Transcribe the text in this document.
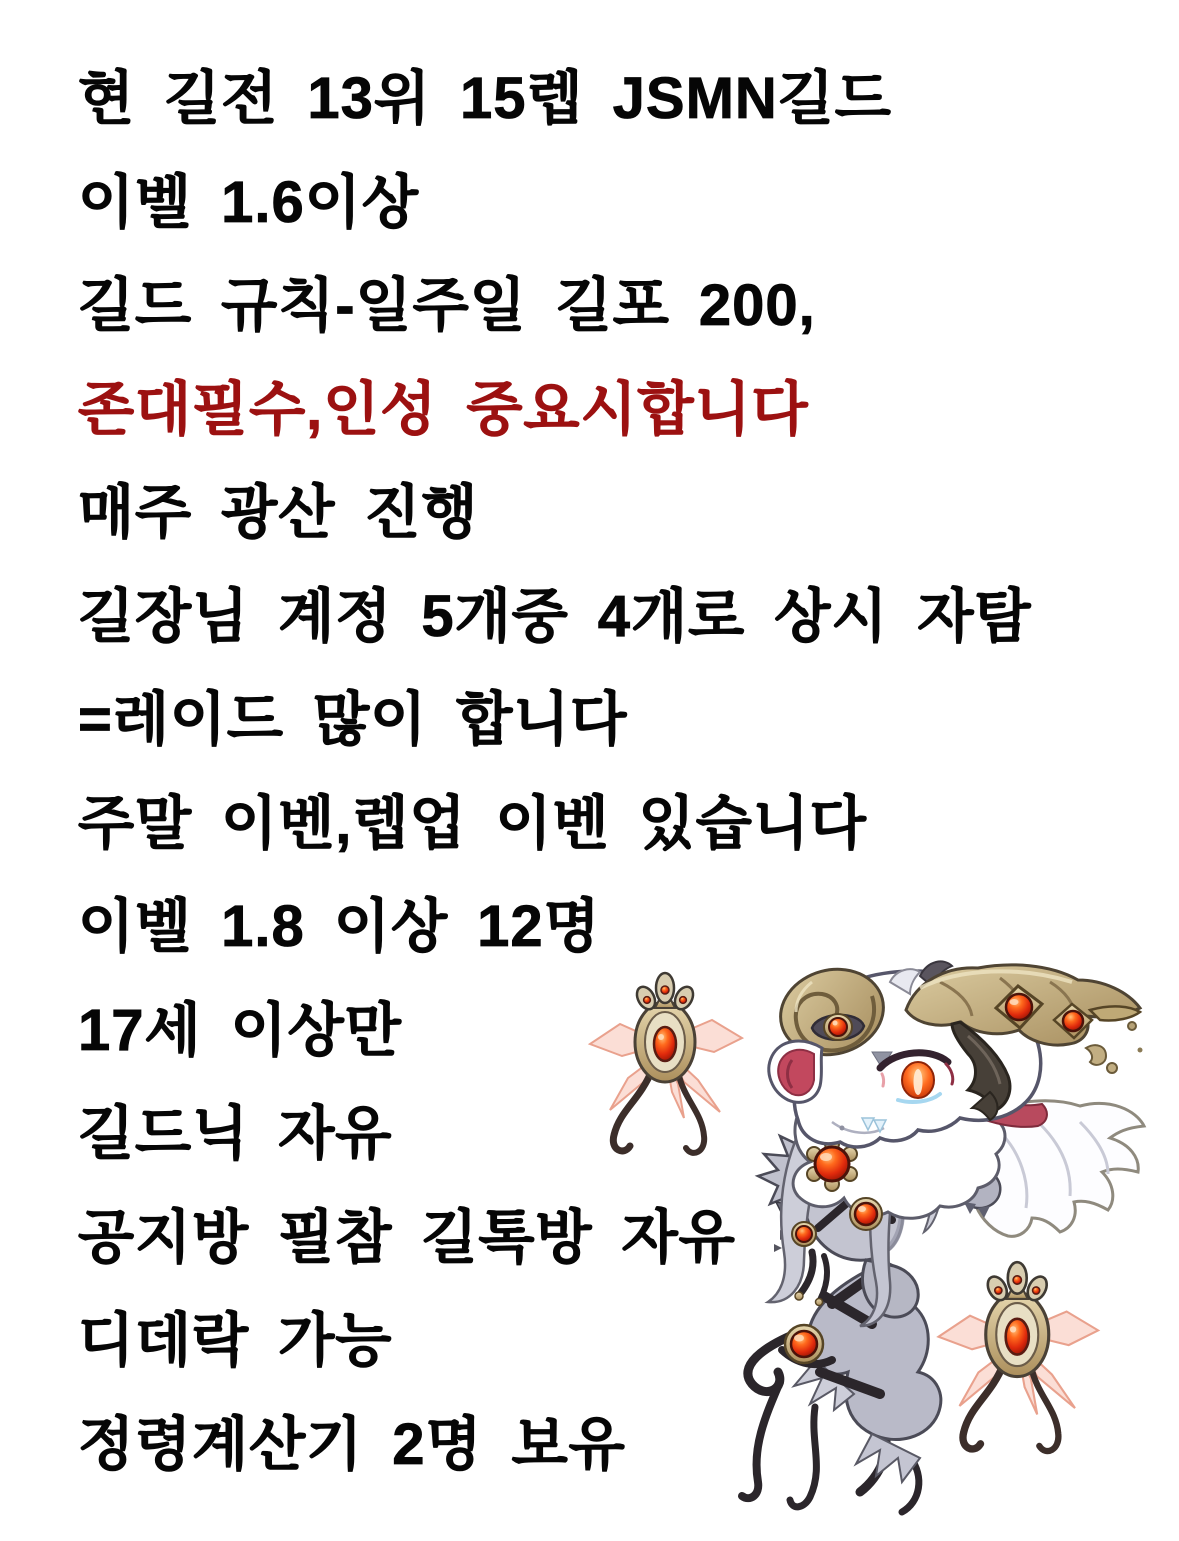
현 길전 13위 15렙 JSMN길드
이벨 1.6이상
길드 규칙-일주일 길포 200,
존대필수,인성 중요시합니다
매주 광산 진행
길장님 계정 5개중 4개로 상시 자탐
=레이드 많이 합니다
주말 이벤,렙업 이벤 있습니다
이벨 1.8 이상 12명
17세 이상만
길드닉 자유
공지방 필참 길톡방 자유
디데락 가능
정령계산기 2명 보유
